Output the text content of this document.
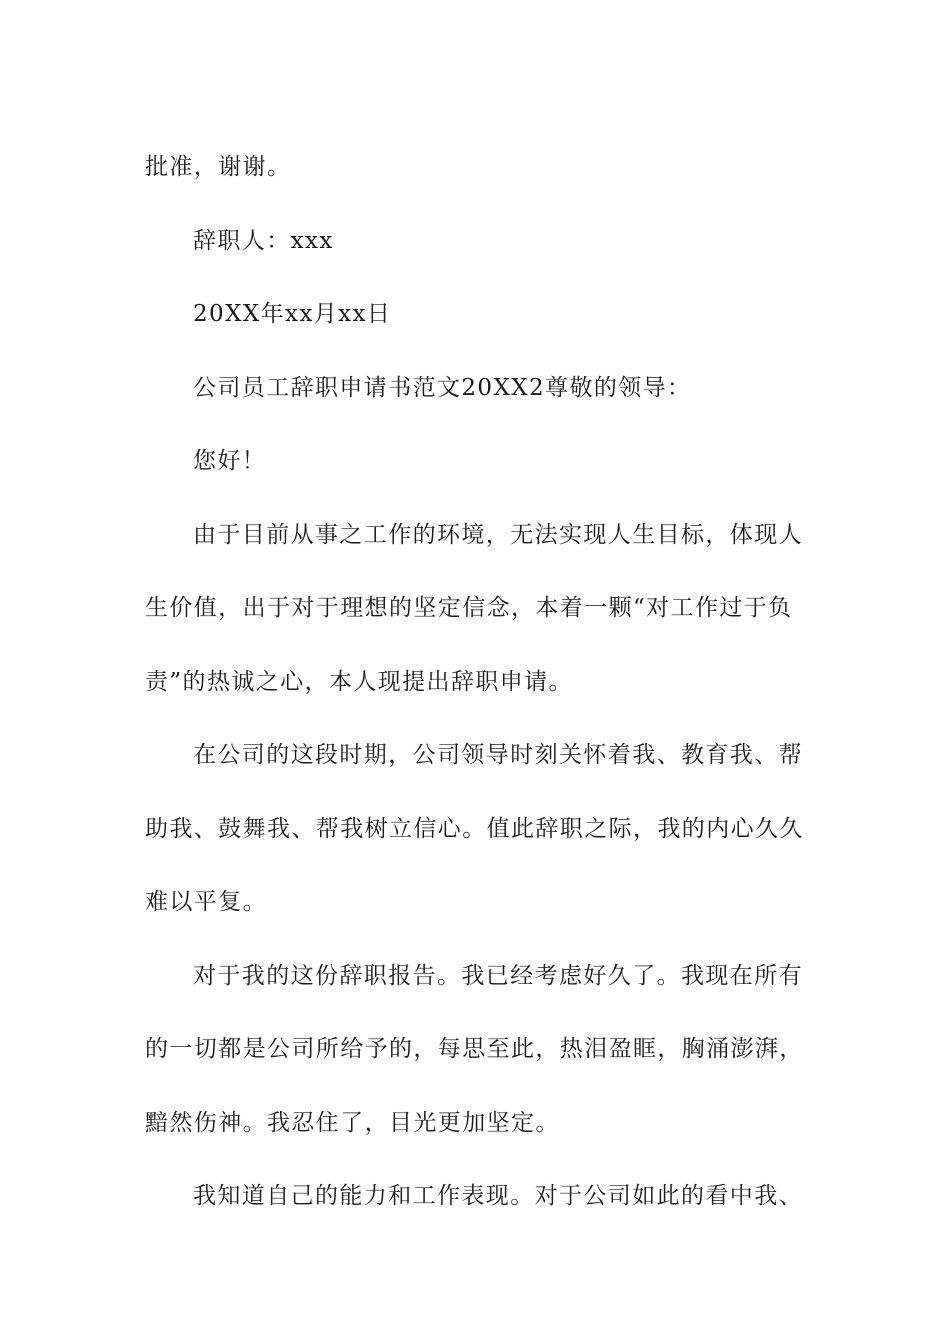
批准，谢谢。

辞职人：xxx

20XX年xx月xx日

公司员工辞职申请书范文20XX2尊敬的领导：

您好！

由于目前从事之工作的环境，无法实现人生目标，体现人

生价值，出于对于理想的坚定信念，本着一颗“对工作过于负

责”的热诚之心，本人现提出辞职申请。

在公司的这段时期，公司领导时刻关怀着我、教育我、帮

助我、鼓舞我、帮我树立信心。值此辞职之际，我的内心久久

难以平复。

对于我的这份辞职报告。我已经考虑好久了。我现在所有

的一切都是公司所给予的，每思至此，热泪盈眶，胸涌澎湃，

黯然伤神。我忍住了，目光更加坚定。

我知道自己的能力和工作表现。对于公司如此的看中我、
